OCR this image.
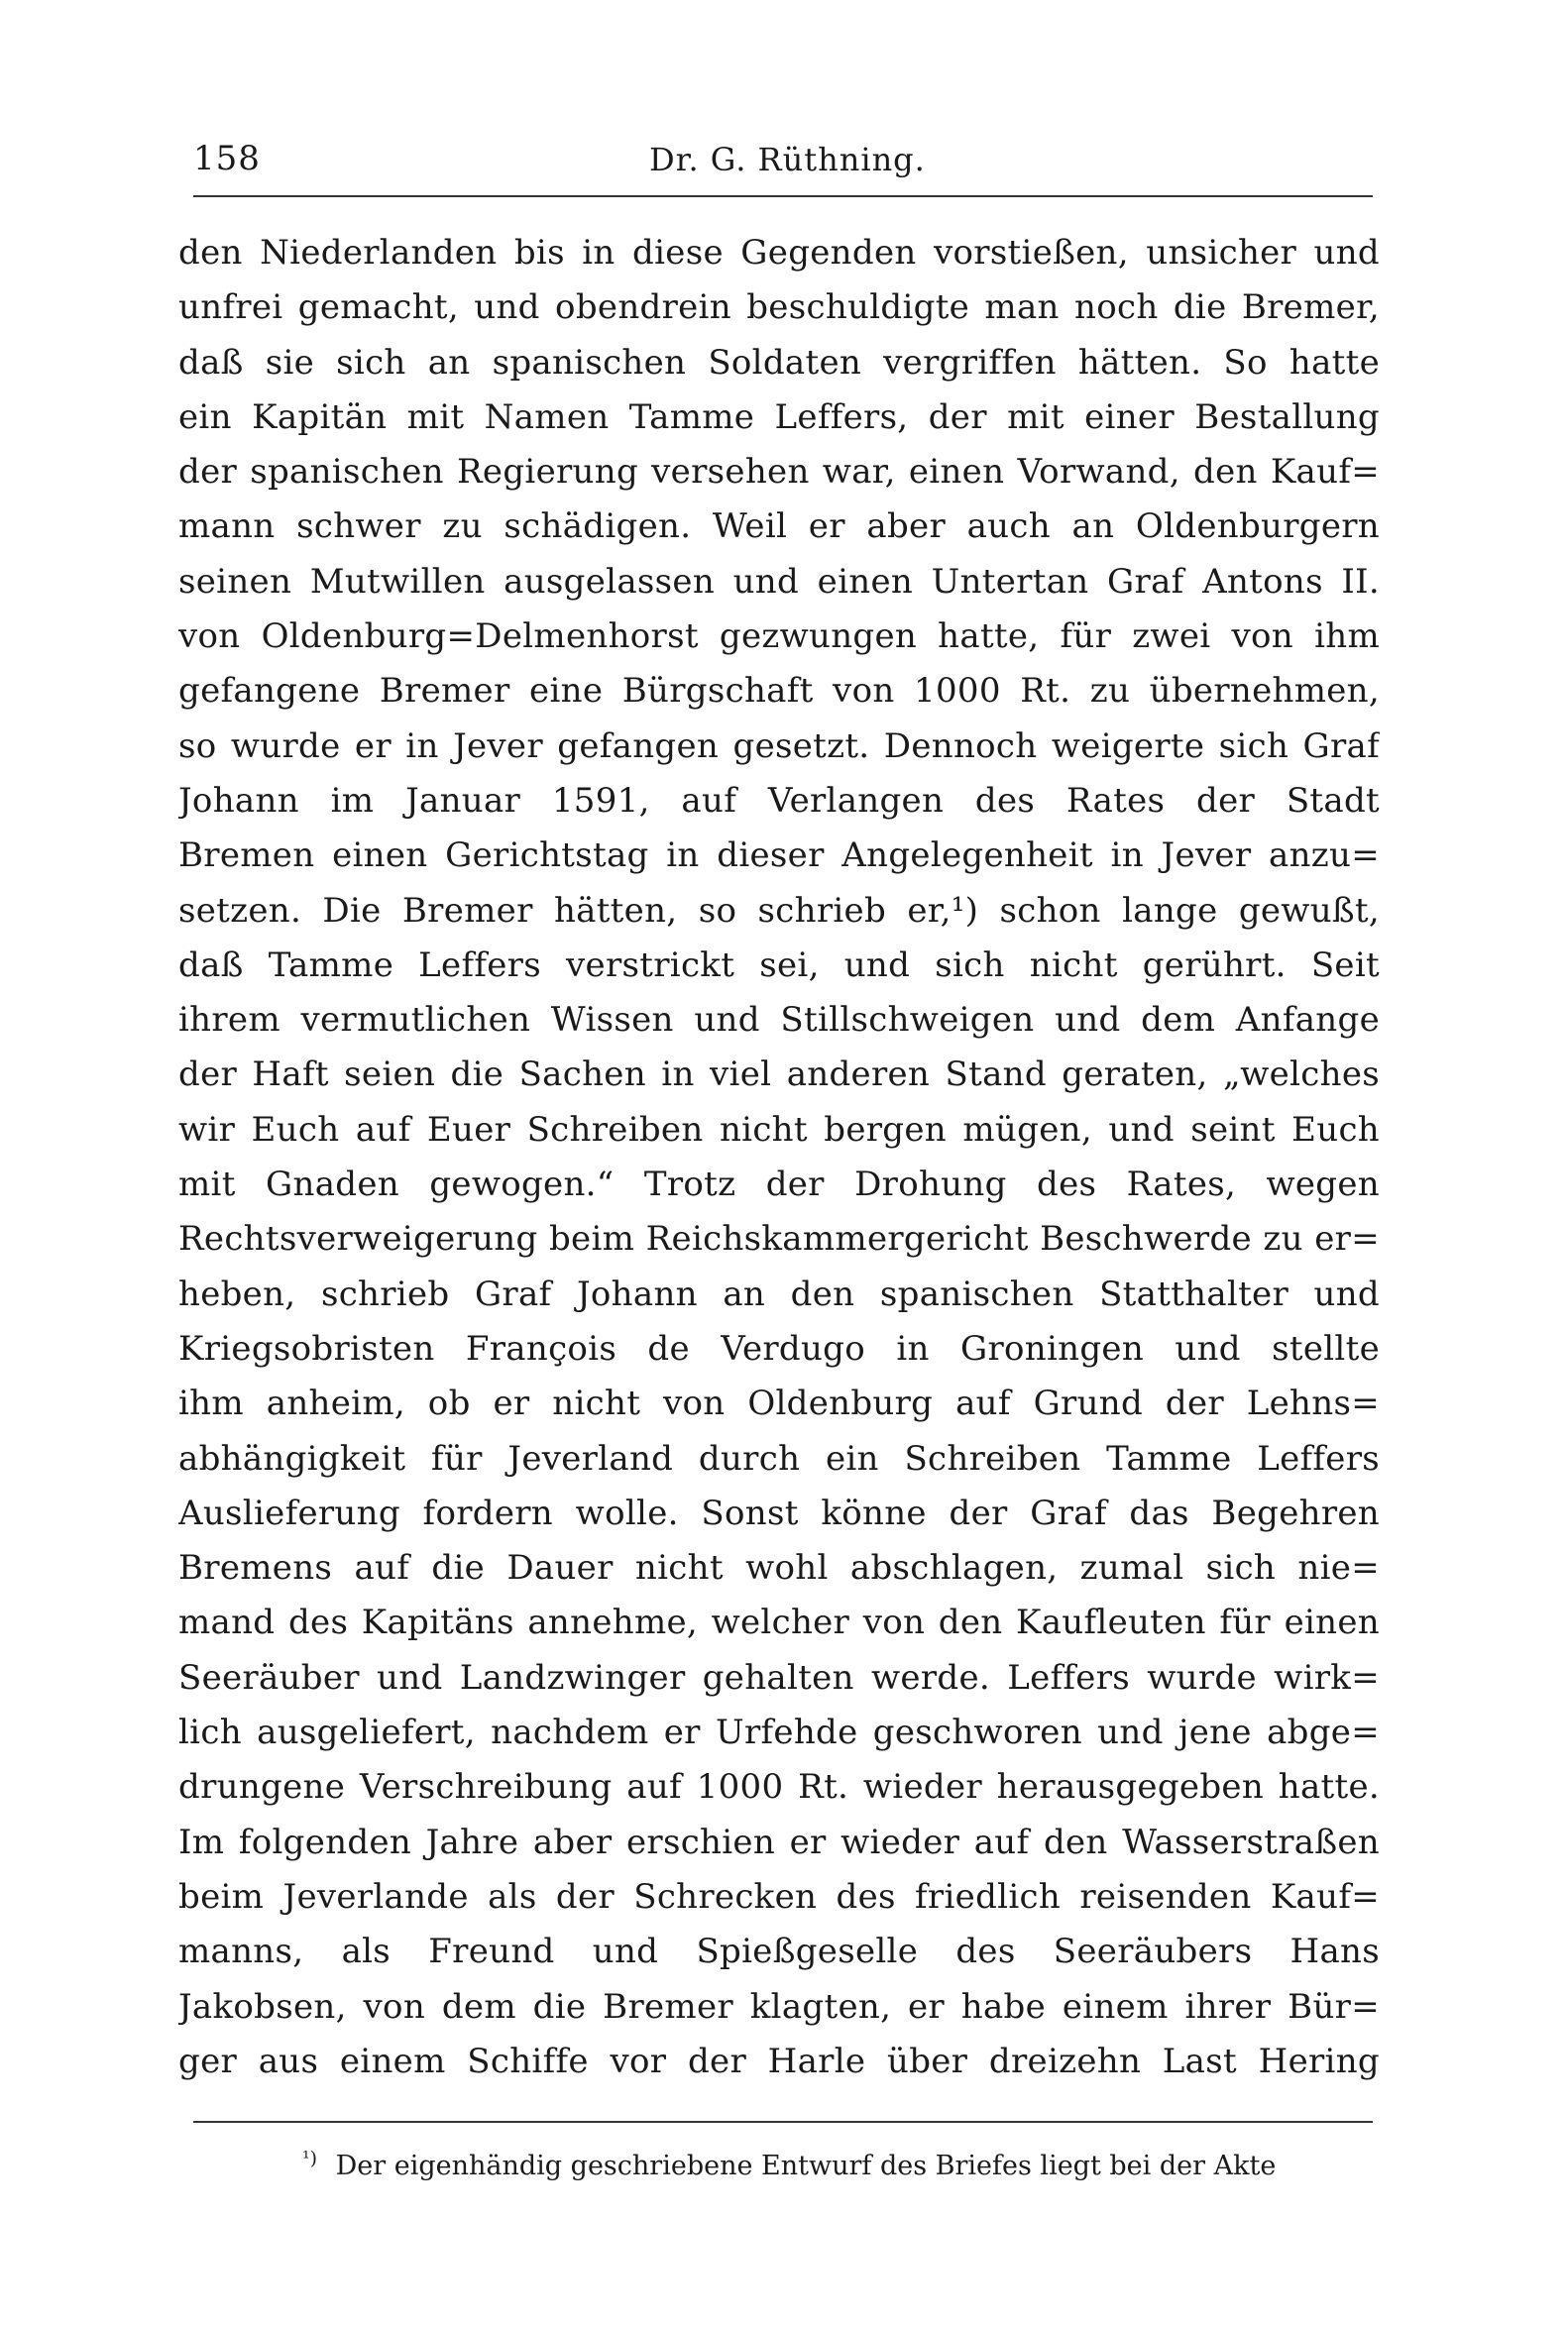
158	Dr. G. Rüthning.
den Niederlanden bis in diese Gegenden vorstießen, unsicher und
unfrei gemacht, und obendrein beschuldigte man noch die Bremer,
daß sie sich an spanischen Soldaten vergriffen hätten. So hatte
ein Kapitän mit Namen Tamme Leffers, der mit einer Bestallung
der spanischen Regierung versehen war, einen Vorwand, den Kauf=
mann schwer zu schädigen. Weil er aber auch an Oldenburgern
seinen Mutwillen ausgelassen und einen Untertan Graf Antons II.
von Oldenburg=Delmenhorst gezwungen hatte, für zwei von ihm
gefangene Bremer eine Bürgschaft von 1000 Rt. zu übernehmen,
so wurde er in Jever gefangen gesetzt. Dennoch weigerte sich Graf
Johann im Januar 1591, auf Verlangen des Rates der Stadt
Bremen einen Gerichtstag in dieser Angelegenheit in Jever anzu=
setzen. Die Bremer hätten, so schrieb er,¹) schon lange gewußt,
daß Tamme Leffers verstrickt sei, und sich nicht gerührt. Seit
ihrem vermutlichen Wissen und Stillschweigen und dem Anfange
der Haft seien die Sachen in viel anderen Stand geraten, „welches
wir Euch auf Euer Schreiben nicht bergen mügen, und seint Euch
mit Gnaden gewogen.“ Trotz der Drohung des Rates, wegen
Rechtsverweigerung beim Reichskammergericht Beschwerde zu er=
heben, schrieb Graf Johann an den spanischen Statthalter und
Kriegsobristen François de Verdugo in Groningen und stellte
ihm anheim, ob er nicht von Oldenburg auf Grund der Lehns=
abhängigkeit für Jeverland durch ein Schreiben Tamme Leffers
Auslieferung fordern wolle. Sonst könne der Graf das Begehren
Bremens auf die Dauer nicht wohl abschlagen, zumal sich nie=
mand des Kapitäns annehme, welcher von den Kaufleuten für einen
Seeräuber und Landzwinger gehalten werde. Leffers wurde wirk=
lich ausgeliefert, nachdem er Urfehde geschworen und jene abge=
drungene Verschreibung auf 1000 Rt. wieder herausgegeben hatte.
Im folgenden Jahre aber erschien er wieder auf den Wasserstraßen
beim Jeverlande als der Schrecken des friedlich reisenden Kauf=
manns, als Freund und Spießgeselle des Seeräubers Hans
Jakobsen, von dem die Bremer klagten, er habe einem ihrer Bür=
ger aus einem Schiffe vor der Harle über dreizehn Last Hering
$^{^1)}$ Der eigenhändig geschriebene Entwurf des Briefes liegt bei der Akte
